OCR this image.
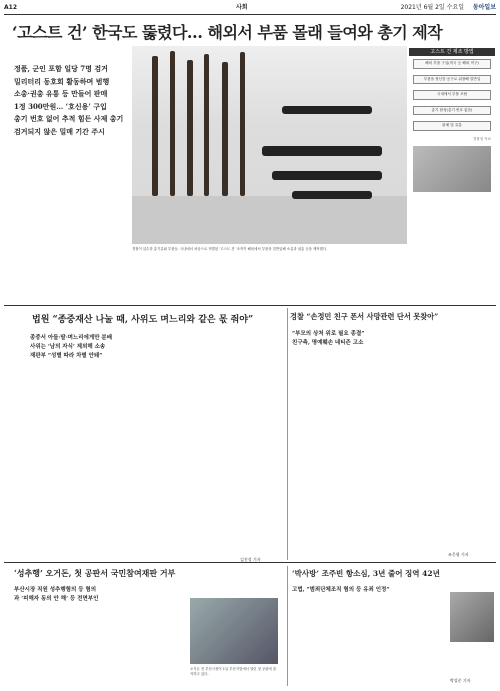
A12	사회	2021년 6월 2일 수요일 동아일보
‘고스트 건’ 한국도 뚫렸다… 해외서 부품 몰래 들여와 총기 제작
정품, 군인 포함 일당 7명 검거
밀리터리 동호회 활동하며 범행
소총·권총 유통 등 만들어 판매
1정 300만원… ‘호신용’ 구입
총기 번호 없어 추적 힘든 사제 총기
검거되지 않은 밀매 기간 주시
경찰이 압수한 총기류와 부품들. 국내에서 처음으로 적발된 ‘고스트 건’ 조직이 해외에서 부품을 밀반입해 소총과 권총 등을 제작했다.
고스트 건 제조 방법
해외 부품 구입(미국 등 해외 직구)
부품을 장난감·공구로 위장해 밀반입
국내에서 부품 조립
총기 완성(총기 번호 없음)
판매 및 유통
경찰청 자료
법원 “종중재산 나눌 때, 사위도 며느리와 같은 몫 줘야”
종중서 아들·딸·며느리에게만 분배
사위는 ‘남의 자식’ 제외해 소송
재판부 “성별 따라 차별 안돼”
김진성 기자
경찰 “손정민 친구 폰서 사망관련 단서 못찾아”
“부모의 상처 위로 필요 종결”
친구측, 명예훼손 네티즌 고소
조응형 기자
‘성추행’ 오거돈, 첫 공판서 국민참여재판 거부
부산시장 직원 성추행혐의 등 혐의
과 ‘피해자 동의 안 해’ 등 전면부인
오거돈 전 부산시장이 1일 부산지법에서 열린 첫 공판에 출석하고 있다.
‘박사방’ 조주빈 항소심, 3년 줄어 징역 42년
고법, “범죄단체조직 혐의 등 유죄 인정”
박상준 기자
